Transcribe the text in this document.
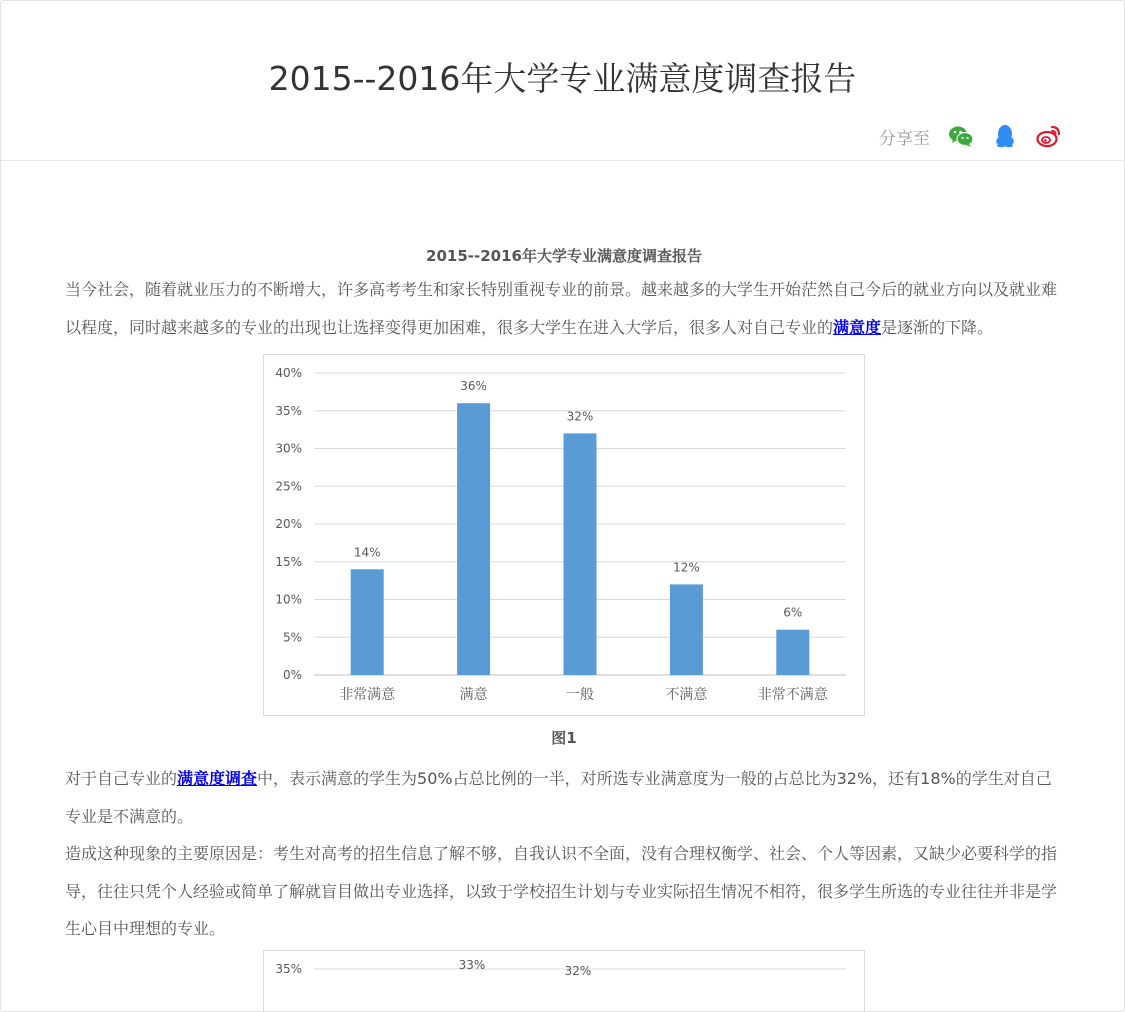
2015--2016年大学专业满意度调查报告
分享至
2015--2016年大学专业满意度调查报告

当今社会，随着就业压力的不断增大，许多高考考生和家长特别重视专业的前景。越来越多的大学生开始茫然自己今后的就业方向以及就业难以程度，同时越来越多的专业的出现也让选择变得更加困难，很多大学生在进入大学后，很多人对自己专业的满意度是逐渐的下降。

0%
5%
10%
15%
20%
25%
30%
35%
40%
14%
非常满意
36%
满意
32%
一般
12%
不满意
6%
非常不满意
图1

对于自己专业的满意度调查中，表示满意的学生为50%占总比例的一半，对所选专业满意度为一般的占总比为32%，还有18%的学生对自己专业是不满意的。

造成这种现象的主要原因是：考生对高考的招生信息了解不够，自我认识不全面，没有合理权衡学、社会、个人等因素，又缺少必要科学的指导，往往只凭个人经验或简单了解就盲目做出专业选择，以致于学校招生计划与专业实际招生情况不相符，很多学生所选的专业往往并非是学生心目中理想的专业。

35%	33%	32%
